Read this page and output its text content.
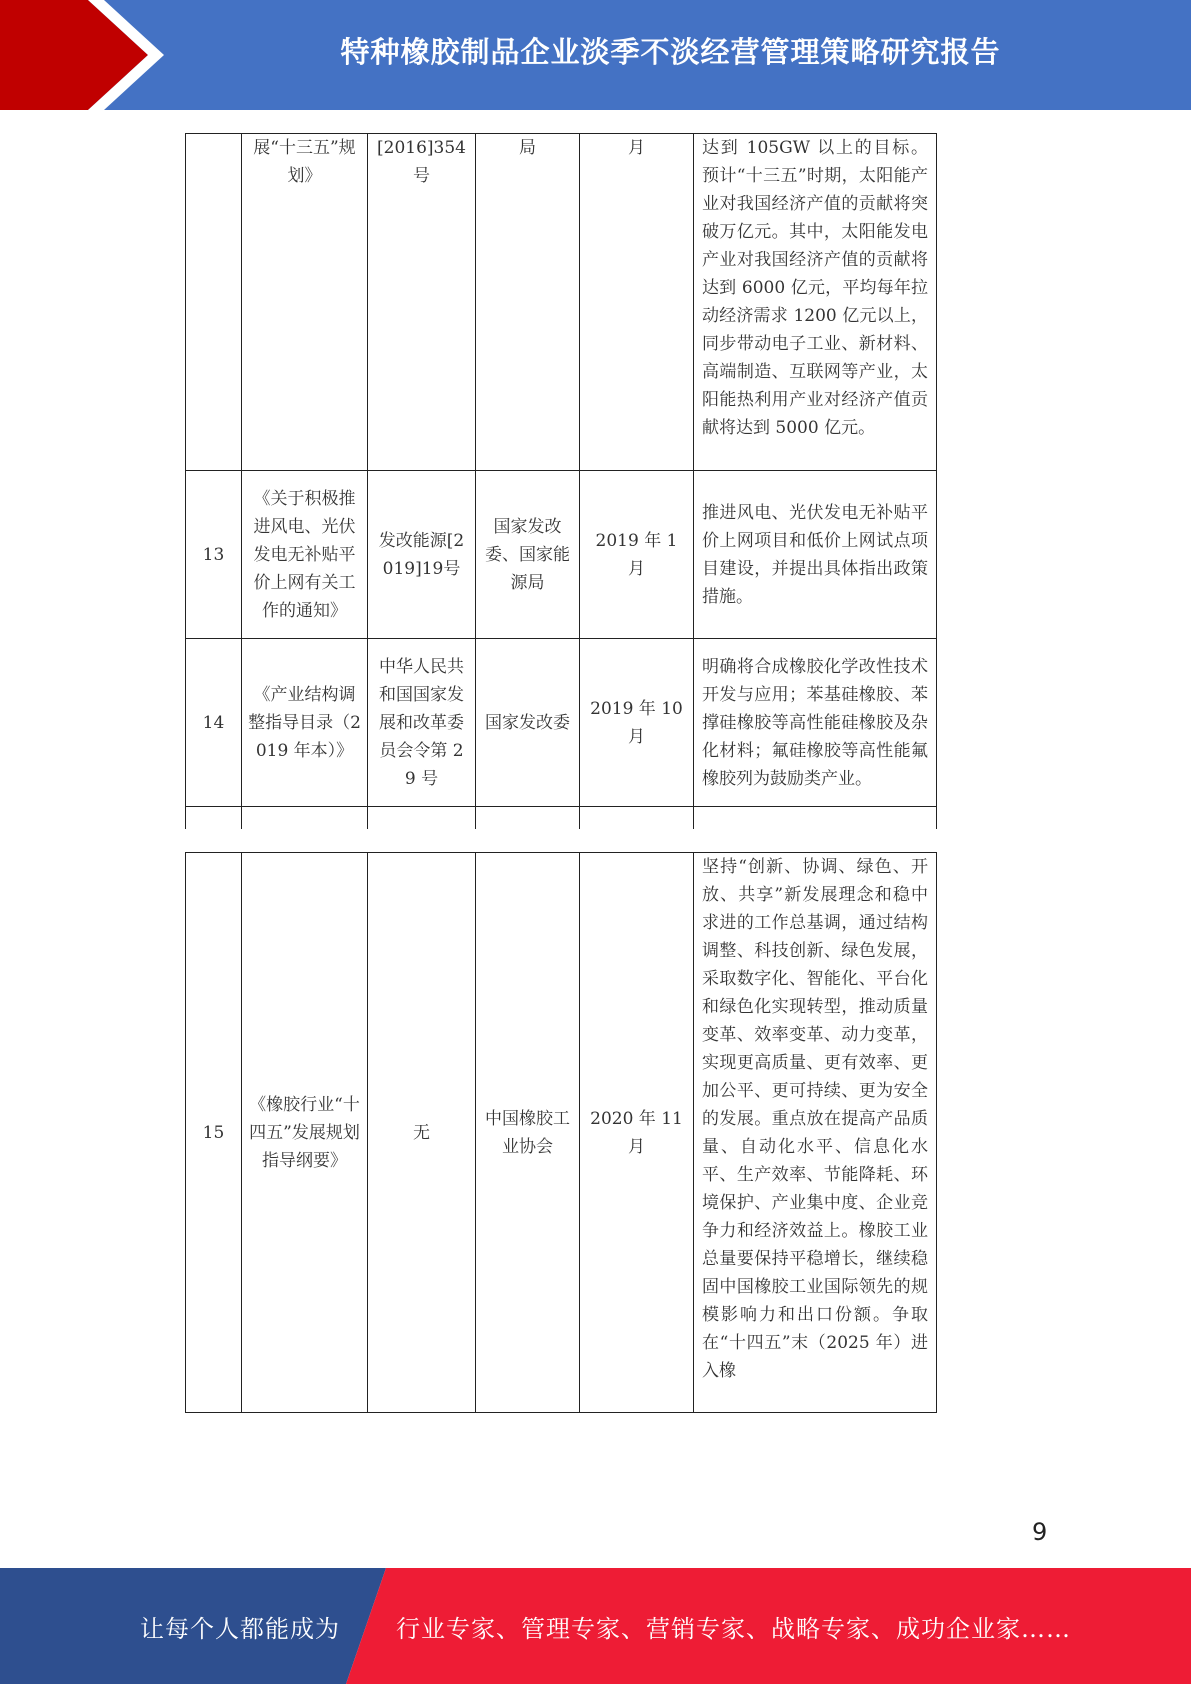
特种橡胶制品企业淡季不淡经营管理策略研究报告
	展“十三五”规划》	[2016]354号	局	月	达到 105GW 以上的目标。预计“十三五”时期，太阳能产业对我国经济产值的贡献将突破万亿元。其中，太阳能发电产业对我国经济产值的贡献将达到 6000 亿元，平均每年拉动经济需求 1200 亿元以上，同步带动电子工业、新材料、高端制造、互联网等产业，太阳能热利用产业对经济产值贡献将达到 5000 亿元。
13	《关于积极推进风电、光伏发电无补贴平价上网有关工作的通知》	发改能源[2019]19号	国家发改委、国家能源局	2019 年 1 月	推进风电、光伏发电无补贴平价上网项目和低价上网试点项目建设，并提出具体指出政策措施。
14	《产业结构调整指导目录（2019 年本）》	中华人民共和国国家发展和改革委员会令第 29 号	国家发改委	2019 年 10 月	明确将合成橡胶化学改性技术开发与应用；苯基硅橡胶、苯撑硅橡胶等高性能硅橡胶及杂化材料；氟硅橡胶等高性能氟橡胶列为鼓励类产业。

15	《橡胶行业“十四五”发展规划指导纲要》	无	中国橡胶工业协会	2020 年 11 月	坚持“创新、协调、绿色、开放、共享”新发展理念和稳中求进的工作总基调，通过结构调整、科技创新、绿色发展，采取数字化、智能化、平台化和绿色化实现转型，推动质量变革、效率变革、动力变革，实现更高质量、更有效率、更加公平、更可持续、更为安全的发展。重点放在提高产品质量、自动化水平、信息化水平、生产效率、节能降耗、环境保护、产业集中度、企业竞争力和经济效益上。橡胶工业总量要保持平稳增长，继续稳固中国橡胶工业国际领先的规模影响力和出口份额。争取在“十四五”末（2025 年）进入橡
9
让每个人都能成为 行业专家、管理专家、营销专家、战略专家、成功企业家……
